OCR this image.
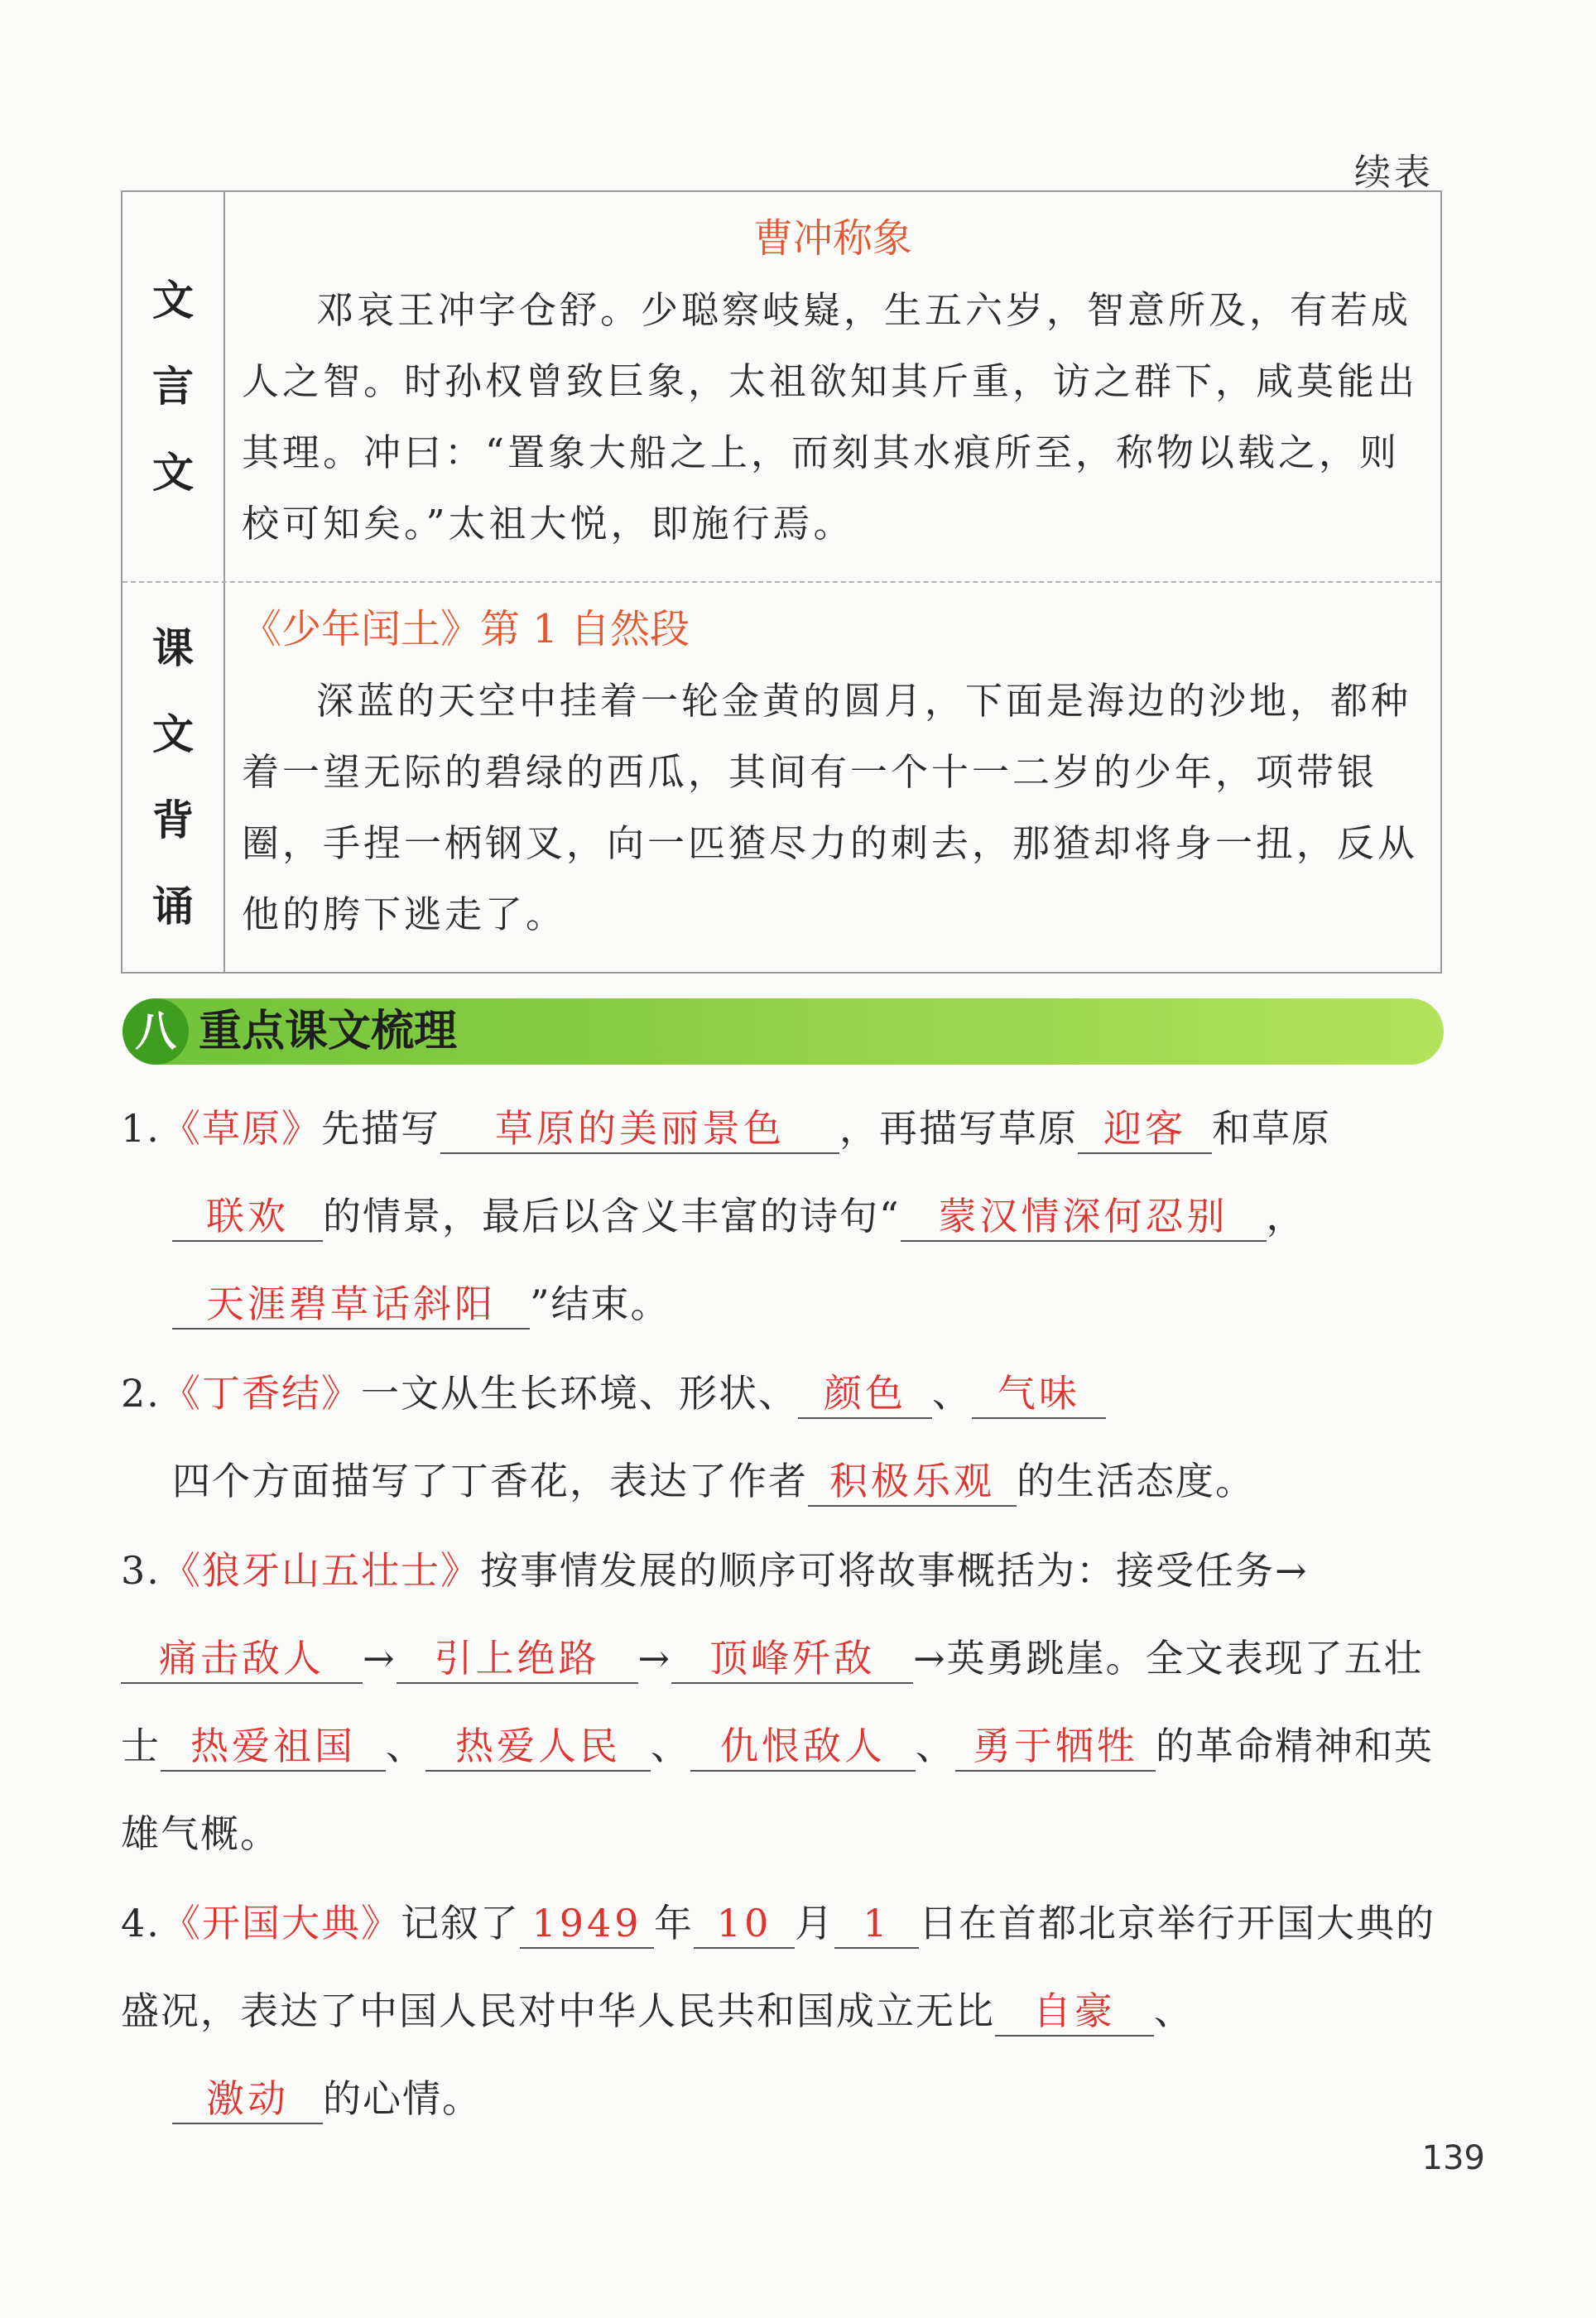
续表
文
言
文
曹冲称象
邓哀王冲字仓舒。少聪察岐嶷，生五六岁，智意所及，有若成人之智。时孙权曾致巨象，太祖欲知其斤重，访之群下，咸莫能出其理。冲曰：“置象大船之上，而刻其水痕所至，称物以载之，则校可知矣。”太祖大悦，即施行焉。
课
文
背
诵
《少年闰土》第 1 自然段
深蓝的天空中挂着一轮金黄的圆月，下面是海边的沙地，都种着一望无际的碧绿的西瓜，其间有一个十一二岁的少年，项带银圈，手捏一柄钢叉，向一匹猹尽力的刺去，那猹却将身一扭，反从他的胯下逃走了。
八 重点课文梳理
1.《草原》先描写 草原的美丽景色 ，再描写草原 迎客 和草原
联欢 的情景，最后以含义丰富的诗句“ 蒙汉情深何忍别 ，
天涯碧草话斜阳 ”结束。
2.《丁香结》一文从生长环境、形状、 颜色 、 气味
四个方面描写了丁香花，表达了作者 积极乐观 的生活态度。
3.《狼牙山五壮士》按事情发展的顺序可将故事概括为：接受任务→痛击敌人 → 引上绝路 → 顶峰歼敌 →英勇跳崖。全文表现了五壮士 热爱祖国 、 热爱人民 、 仇恨敌人 、 勇于牺牲 的革命精神和英雄气概。
4.《开国大典》记叙了 1949 年 10 月 1 日在首都北京举行开国大典的盛况，表达了中国人民对中华人民共和国成立无比 自豪 、
激动 的心情。
139
